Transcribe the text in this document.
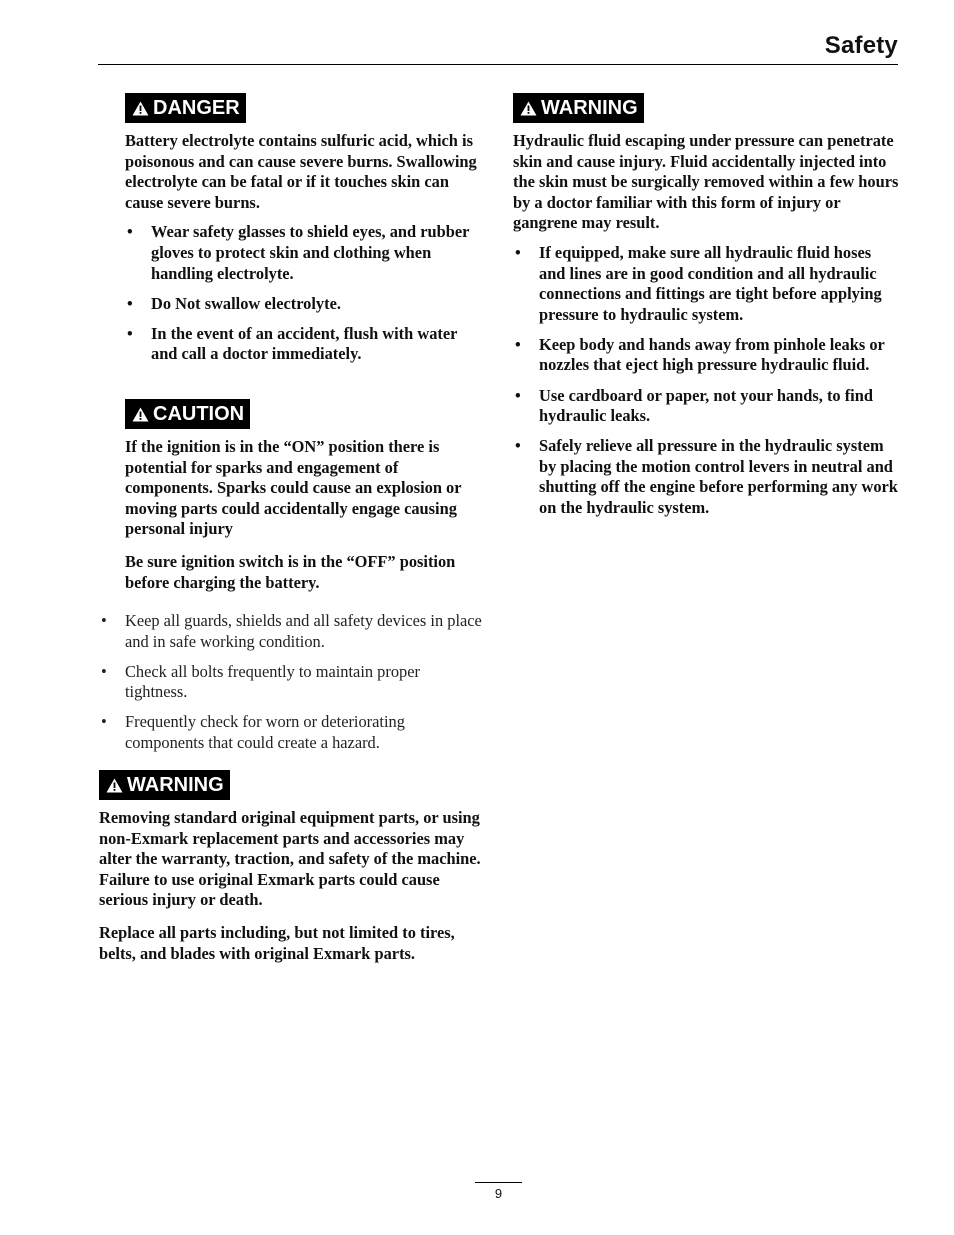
Safety
DANGER

Battery electrolyte contains sulfuric acid, which is poisonous and can cause severe burns. Swallowing electrolyte can be fatal or if it touches skin can cause severe burns.

• Wear safety glasses to shield eyes, and rubber gloves to protect skin and clothing when handling electrolyte.
• Do Not swallow electrolyte.
• In the event of an accident, flush with water and call a doctor immediately.
CAUTION

If the ignition is in the “ON” position there is potential for sparks and engagement of components. Sparks could cause an explosion or moving parts could accidentally engage causing personal injury

Be sure ignition switch is in the “OFF” position before charging the battery.

• Keep all guards, shields and all safety devices in place and in safe working condition.
• Check all bolts frequently to maintain proper tightness.
• Frequently check for worn or deteriorating components that could create a hazard.
WARNING

Removing standard original equipment parts, or using non-Exmark replacement parts and accessories may alter the warranty, traction, and safety of the machine. Failure to use original Exmark parts could cause serious injury or death.

Replace all parts including, but not limited to tires, belts, and blades with original Exmark parts.

WARNING

Hydraulic fluid escaping under pressure can penetrate skin and cause injury. Fluid accidentally injected into the skin must be surgically removed within a few hours by a doctor familiar with this form of injury or gangrene may result.

• If equipped, make sure all hydraulic fluid hoses and lines are in good condition and all hydraulic connections and fittings are tight before applying pressure to hydraulic system.
• Keep body and hands away from pinhole leaks or nozzles that eject high pressure hydraulic fluid.
• Use cardboard or paper, not your hands, to find hydraulic leaks.
• Safely relieve all pressure in the hydraulic system by placing the motion control levers in neutral and shutting off the engine before performing any work on the hydraulic system.
9
